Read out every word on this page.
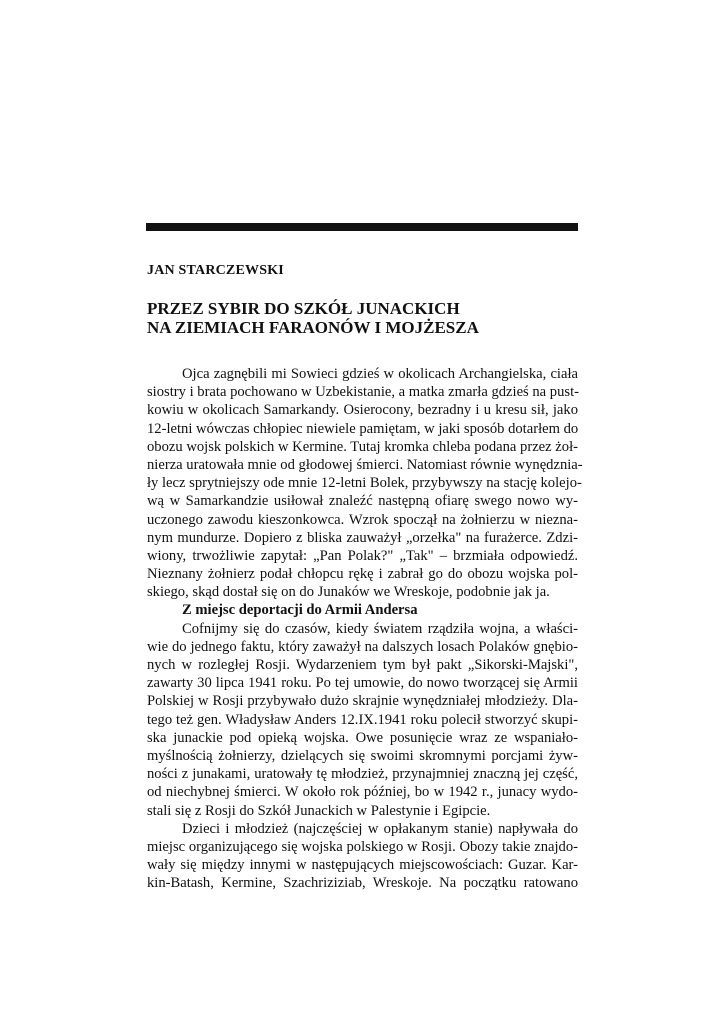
JAN STARCZEWSKI
PRZEZ SYBIR DO SZKÓŁ JUNACKICH
NA ZIEMIACH FARAONÓW I MOJŻESZA
Ojca zagnębili mi Sowieci gdzieś w okolicach Archangielska, ciała
siostry i brata pochowano w Uzbekistanie, a matka zmarła gdzieś na pust-
kowiu w okolicach Samarkandy. Osierocony, bezradny i u kresu sił, jako
12-letni wówczas chłopiec niewiele pamiętam, w jaki sposób dotarłem do
obozu wojsk polskich w Kermine. Tutaj kromka chleba podana przez żoł-
nierza uratowała mnie od głodowej śmierci. Natomiast równie wynędznia-
ły lecz sprytniejszy ode mnie 12-letni Bolek, przybywszy na stację kolejo-
wą w Samarkandzie usiłował znaleźć następną ofiarę swego nowo wy-
uczonego zawodu kieszonkowca. Wzrok spoczął na żołnierzu w niezna-
nym mundurze. Dopiero z bliska zauważył „orzełka" na furażerce. Zdzi-
wiony, trwożliwie zapytał: „Pan Polak?" „Tak" – brzmiała odpowiedź.
Nieznany żołnierz podał chłopcu rękę i zabrał go do obozu wojska pol-
skiego, skąd dostał się on do Junaków we Wreskoje, podobnie jak ja.
Z miejsc deportacji do Armii Andersa
Cofnijmy się do czasów, kiedy światem rządziła wojna, a właści-
wie do jednego faktu, który zaważył na dalszych losach Polaków gnębio-
nych w rozległej Rosji. Wydarzeniem tym był pakt „Sikorski-Majski",
zawarty 30 lipca 1941 roku. Po tej umowie, do nowo tworzącej się Armii
Polskiej w Rosji przybywało dużo skrajnie wynędzniałej młodzieży. Dla-
tego też gen. Władysław Anders 12.IX.1941 roku polecił stworzyć skupi-
ska junackie pod opieką wojska. Owe posunięcie wraz ze wspaniało-
myślnością żołnierzy, dzielących się swoimi skromnymi porcjami żyw-
ności z junakami, uratowały tę młodzież, przynajmniej znaczną jej część,
od niechybnej śmierci. W około rok później, bo w 1942 r., junacy wydo-
stali się z Rosji do Szkół Junackich w Palestynie i Egipcie.
Dzieci i młodzież (najczęściej w opłakanym stanie) napływała do
miejsc organizującego się wojska polskiego w Rosji. Obozy takie znajdo-
wały się między innymi w następujących miejscowościach: Guzar. Kar-
kin-Batash, Kermine, Szachriziziab, Wreskoje. Na początku ratowano
